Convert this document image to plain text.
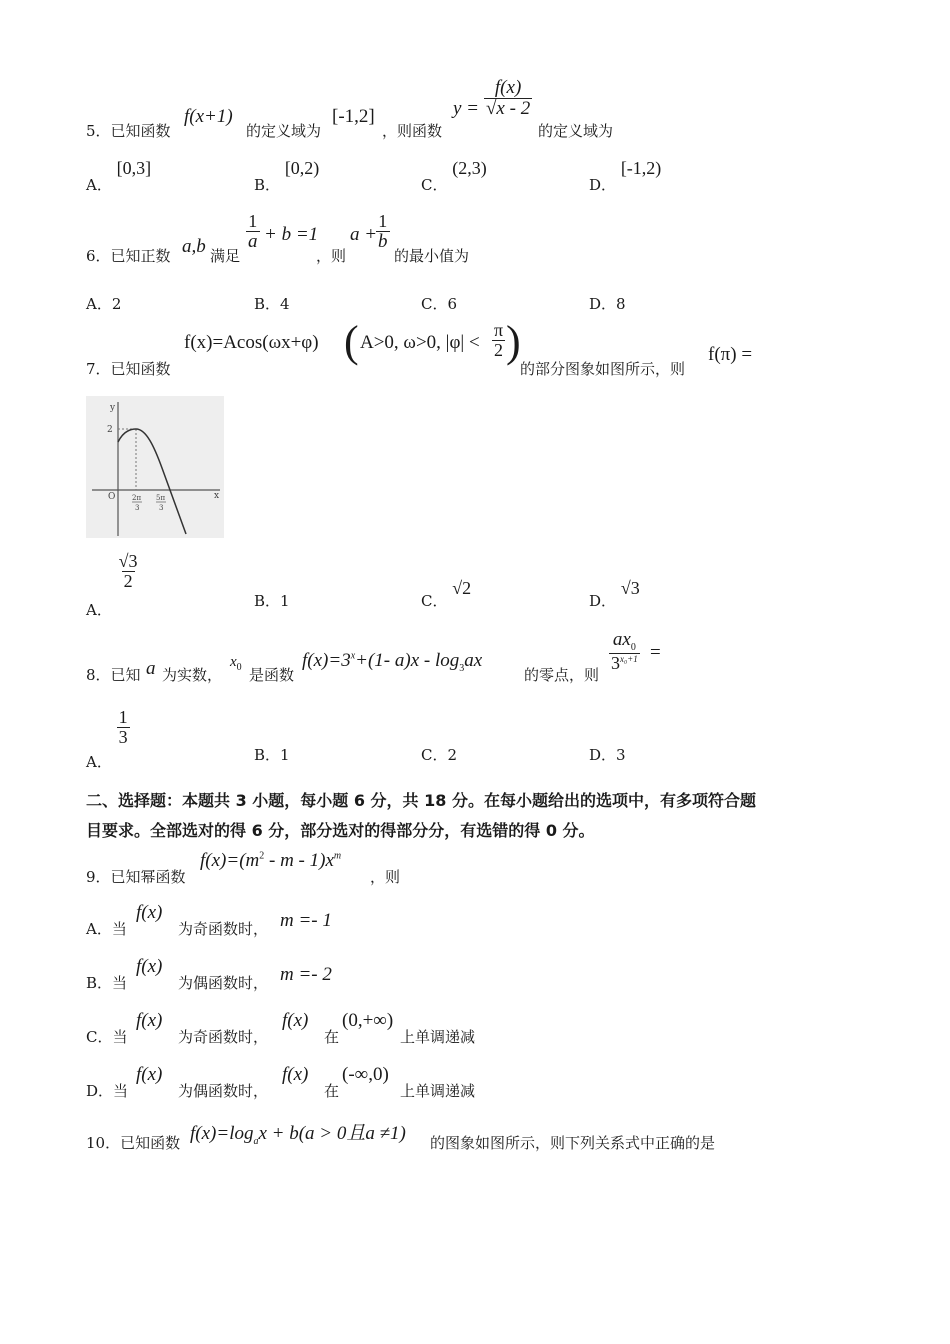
5．已知函数
f(x+1)
的定义域为
[-1,2]
，则函数
$y = \frac{f(x)}{√x - 2}$
的定义域为
A． [0,3]
B． [0,2)
C． (2,3)
D． [-1,2)
6．已知正数 a,b 满足
$\frac{1}{a} + b =1$
，则
a +
$\frac{1}{b}$
的最小值为
A．2	B．4	C．6	D．8
7．已知函数
f(x)=Acos(ωx+φ) ( A>0, ω>0, $|\varphi| < \frac{\pi}{2}$ )
的部分图象如图所示，则
f(π) =
y
x
O
2
2π
3
5π
3
A．
$\frac{√3}{2}$
B．1	C． √2
D． √3
8．已知 a 为实数，
$x_0$ 是函数
$f(x)=3^x+(1-$ $a)x - \log_3ax$
的零点，则
$\frac{ax_0}{3^{x_0+1}}$ =
A．
$\frac{1}{3}$
B．1	C．2	D．3
二、选择题：本题共 3 小题，每小题 6 分，共 18 分。在每小题给出的选项中，有多项符合题
目要求。全部选对的得 6 分，部分选对的得部分分，有选错的得 0 分。
9．已知幂函数
$f(x)=(m^2 - m - 1)x^m$
，则
A．当
f(x)
为奇函数时， m =- 1
B．当
f(x)
为偶函数时， m =- 2
C．当
f(x)
为奇函数时，
f(x)
在
(0,+∞)
上单调递减
D．当
f(x)
为偶函数时，
f(x)
在
(-∞,0)
上单调递减
10．已知函数 $f(x)=\log_ax + b(a > 0$且a ≠1) 的图象如图所示，则下列关系式中正确的是
